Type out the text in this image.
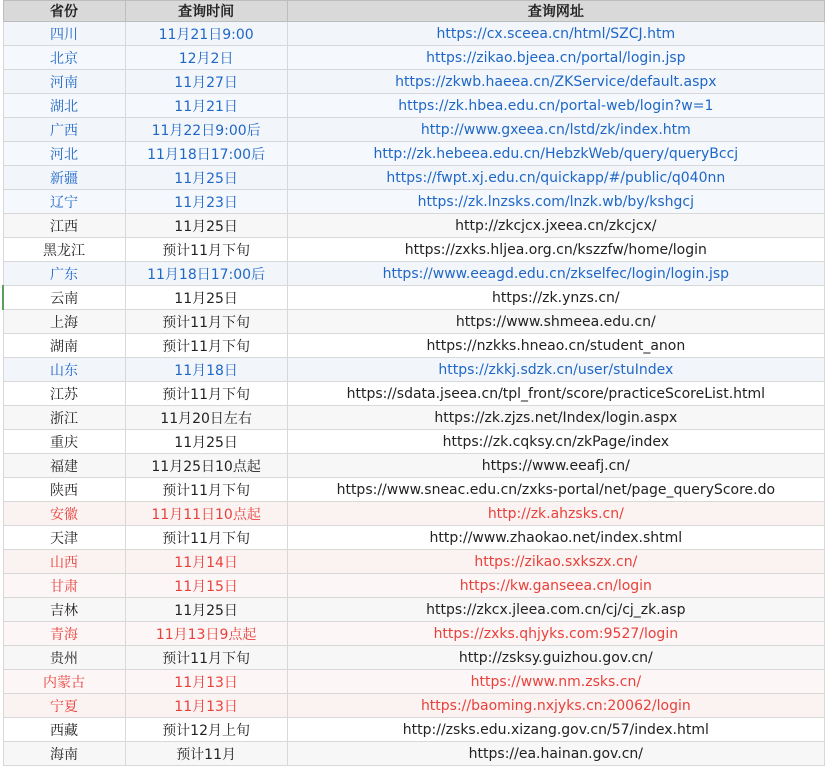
省份	查询时间	查询网址
四川	11月21日9:00	https://cx.sceea.cn/html/SZCJ.htm
北京	12月2日	https://zikao.bjeea.cn/portal/login.jsp
河南	11月27日	https://zkwb.haeea.cn/ZKService/default.aspx
湖北	11月21日	https://zk.hbea.edu.cn/portal-web/login?w=1
广西	11月22日9:00后	http://www.gxeea.cn/lstd/zk/index.htm
河北	11月18日17:00后	http://zk.hebeea.edu.cn/HebzkWeb/query/queryBccj
新疆	11月25日	https://fwpt.xj.edu.cn/quickapp/#/public/q040nn
辽宁	11月23日	https://zk.lnzsks.com/lnzk.wb/by/kshgcj
江西	11月25日	http://zkcjcx.jxeea.cn/zkcjcx/
黑龙江	预计11月下旬	https://zxks.hljea.org.cn/kszzfw/home/login
广东	11月18日17:00后	https://www.eeagd.edu.cn/zkselfec/login/login.jsp
云南	11月25日	https://zk.ynzs.cn/
上海	预计11月下旬	https://www.shmeea.edu.cn/
湖南	预计11月下旬	https://nzkks.hneao.cn/student_anon
山东	11月18日	https://zkkj.sdzk.cn/user/stuIndex
江苏	预计11月下旬	https://sdata.jseea.cn/tpl_front/score/practiceScoreList.html
浙江	11月20日左右	https://zk.zjzs.net/Index/login.aspx
重庆	11月25日	https://zk.cqksy.cn/zkPage/index
福建	11月25日10点起	https://www.eeafj.cn/
陕西	预计11月下旬	https://www.sneac.edu.cn/zxks-portal/net/page_queryScore.do
安徽	11月11日10点起	http://zk.ahzsks.cn/
天津	预计11月下旬	http://www.zhaokao.net/index.shtml
山西	11月14日	https://zikao.sxkszx.cn/
甘肃	11月15日	https://kw.ganseea.cn/login
吉林	11月25日	https://zkcx.jleea.com.cn/cj/cj_zk.asp
青海	11月13日9点起	https://zxks.qhjyks.com:9527/login
贵州	预计11月下旬	http://zsksy.guizhou.gov.cn/
内蒙古	11月13日	https://www.nm.zsks.cn/
宁夏	11月13日	https://baoming.nxjyks.cn:20062/login
西藏	预计12月上旬	http://zsks.edu.xizang.gov.cn/57/index.html
海南	预计11月	https://ea.hainan.gov.cn/
